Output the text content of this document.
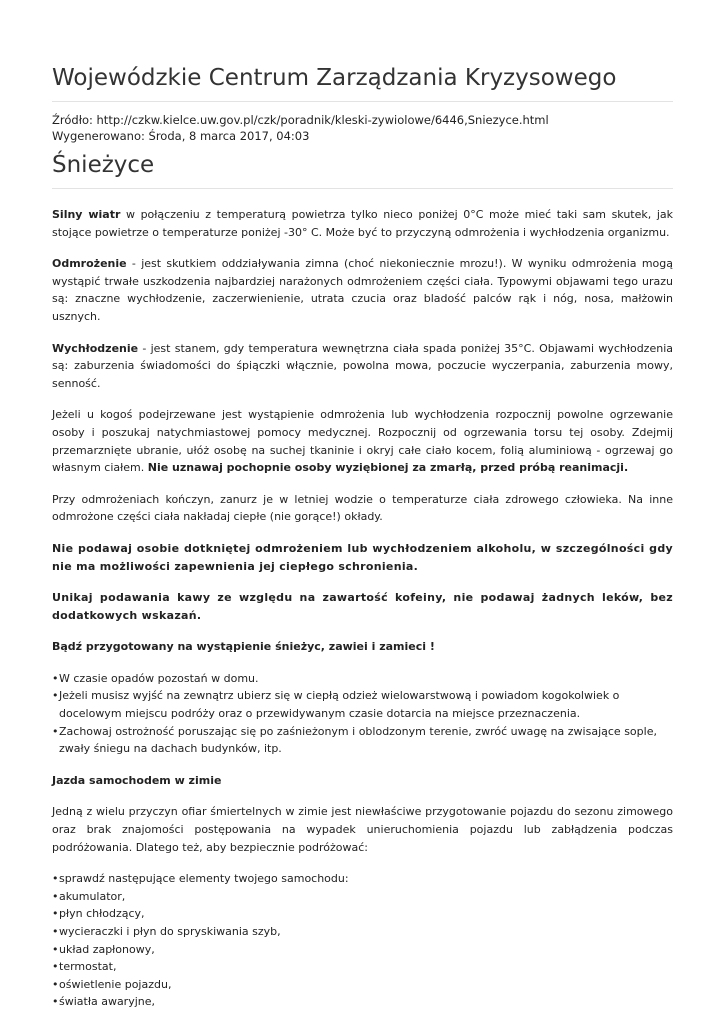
Wojewódzkie Centrum Zarządzania Kryzysowego
Źródło: http://czkw.kielce.uw.gov.pl/czk/poradnik/kleski-zywiolowe/6446,Sniezyce.html
Wygenerowano: Środa, 8 marca 2017, 04:03
Śnieżyce

Silny wiatr w połączeniu z temperaturą powietrza tylko nieco poniżej 0°C może mieć taki sam skutek, jak stojące powietrze o temperaturze poniżej -30° C. Może być to przyczyną odmrożenia i wychłodzenia organizmu.

Odmrożenie - jest skutkiem oddziaływania zimna (choć niekoniecznie mrozu!). W wyniku odmrożenia mogą wystąpić trwałe uszkodzenia najbardziej narażonych odmrożeniem części ciała. Typowymi objawami tego urazu są: znaczne wychłodzenie, zaczerwienienie, utrata czucia oraz bladość palców rąk i nóg, nosa, małżowin usznych.

Wychłodzenie - jest stanem, gdy temperatura wewnętrzna ciała spada poniżej 35°C. Objawami wychłodzenia są: zaburzenia świadomości do śpiączki włącznie, powolna mowa, poczucie wyczerpania, zaburzenia mowy, senność.

Jeżeli u kogoś podejrzewane jest wystąpienie odmrożenia lub wychłodzenia rozpocznij powolne ogrzewanie osoby i poszukaj natychmiastowej pomocy medycznej. Rozpocznij od ogrzewania torsu tej osoby. Zdejmij przemarznięte ubranie, ułóż osobę na suchej tkaninie i okryj całe ciało kocem, folią aluminiową - ogrzewaj go własnym ciałem. Nie uznawaj pochopnie osoby wyziębionej za zmarłą, przed próbą reanimacji.

Przy odmrożeniach kończyn, zanurz je w letniej wodzie o temperaturze ciała zdrowego człowieka. Na inne odmrożone części ciała nakładaj ciepłe (nie gorące!) okłady.

Nie podawaj osobie dotkniętej odmrożeniem lub wychłodzeniem alkoholu, w szczególności gdy nie ma możliwości zapewnienia jej ciepłego schronienia.

Unikaj podawania kawy ze względu na zawartość kofeiny, nie podawaj żadnych leków, bez dodatkowych wskazań.

Bądź przygotowany na wystąpienie śnieżyc, zawiei i zamieci !

• W czasie opadów pozostań w domu.
• Jeżeli musisz wyjść na zewnątrz ubierz się w ciepłą odzież wielowarstwową i powiadom kogokolwiek o docelowym miejscu podróży oraz o przewidywanym czasie dotarcia na miejsce przeznaczenia.
• Zachowaj ostrożność poruszając się po zaśnieżonym i oblodzonym terenie, zwróć uwagę na zwisające sople, zwały śniegu na dachach budynków, itp.

Jazda samochodem w zimie

Jedną z wielu przyczyn ofiar śmiertelnych w zimie jest niewłaściwe przygotowanie pojazdu do sezonu zimowego oraz brak znajomości postępowania na wypadek unieruchomienia pojazdu lub zabłądzenia podczas podróżowania. Dlatego też, aby bezpiecznie podróżować:

• sprawdź następujące elementy twojego samochodu:
• akumulator,
• płyn chłodzący,
• wycieraczki i płyn do spryskiwania szyb,
• układ zapłonowy,
• termostat,
• oświetlenie pojazdu,
• światła awaryjne,
